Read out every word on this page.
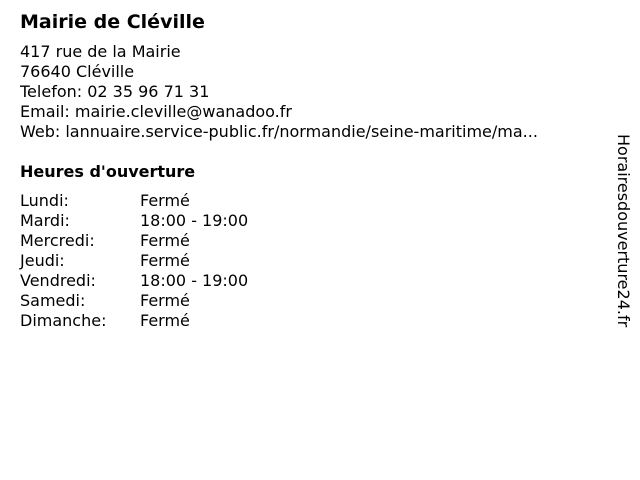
Mairie de Cléville
417 rue de la Mairie
76640 Cléville
Telefon: 02 35 96 71 31
Email: mairie.cleville@wanadoo.fr
Web: lannuaire.service-public.fr/normandie/seine-maritime/ma...
Heures d'ouverture
Lundi:	Fermé
Mardi:	18:00 - 19:00
Mercredi:	Fermé
Jeudi:	Fermé
Vendredi:	18:00 - 19:00
Samedi:	Fermé
Dimanche:	Fermé	Horairesdouverture24.fr
